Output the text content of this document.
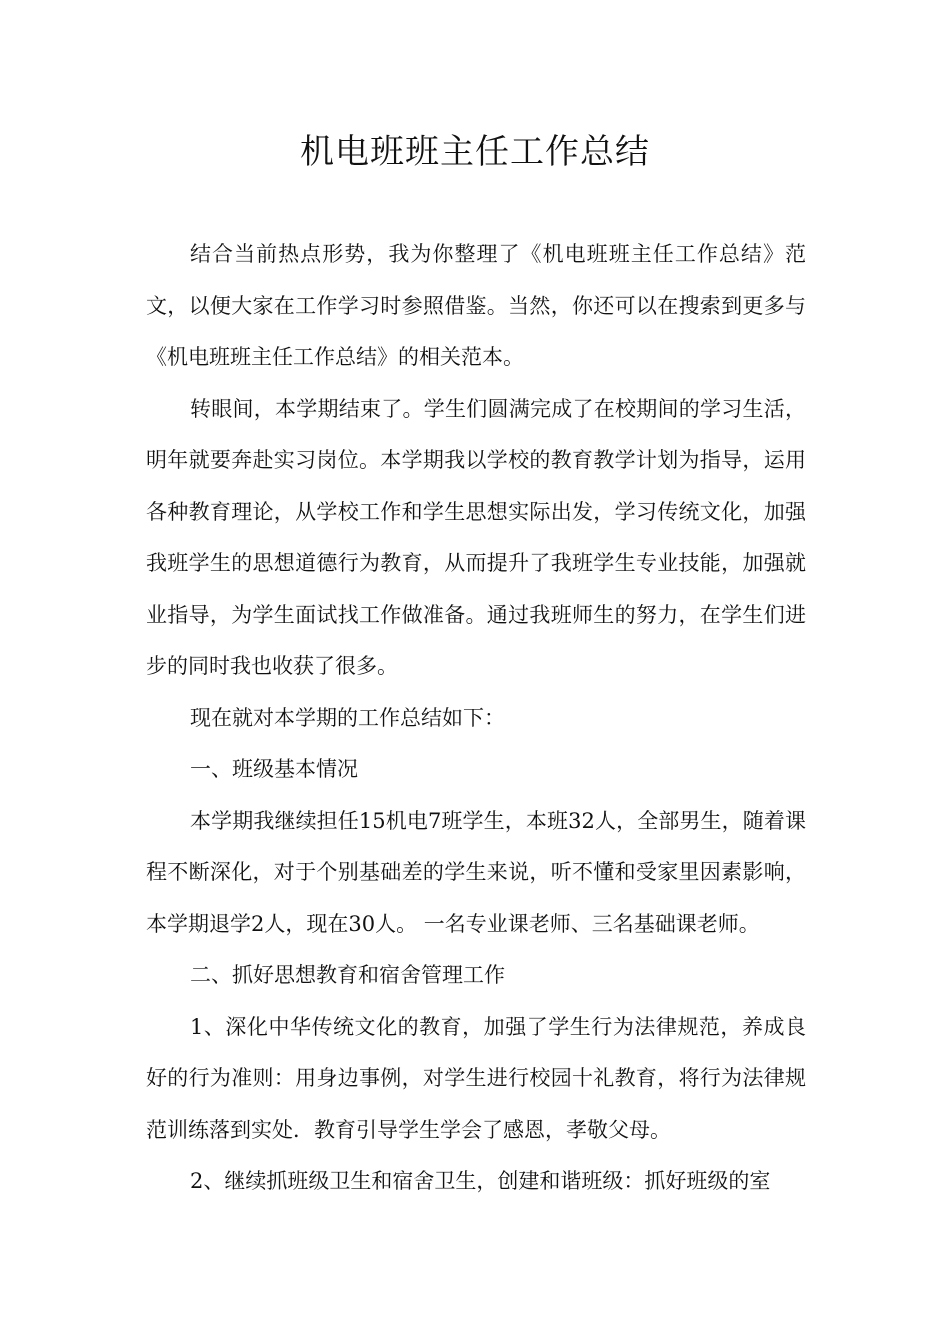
机电班班主任工作总结

结合当前热点形势，我为你整理了《机电班班主任工作总结》范文，以便大家在工作学习时参照借鉴。当然，你还可以在搜索到更多与《机电班班主任工作总结》的相关范本。

转眼间，本学期结束了。学生们圆满完成了在校期间的学习生活，明年就要奔赴实习岗位。本学期我以学校的教育教学计划为指导，运用各种教育理论，从学校工作和学生思想实际出发，学习传统文化，加强我班学生的思想道德行为教育，从而提升了我班学生专业技能，加强就业指导，为学生面试找工作做准备。通过我班师生的努力，在学生们进步的同时我也收获了很多。

现在就对本学期的工作总结如下：

一、班级基本情况

本学期我继续担任15机电7班学生，本班32人，全部男生，随着课程不断深化，对于个别基础差的学生来说，听不懂和受家里因素影响，本学期退学2人，现在30人。 一名专业课老师、三名基础课老师。

二、抓好思想教育和宿舍管理工作

1、深化中华传统文化的教育，加强了学生行为法律规范，养成良好的行为准则：用身边事例，对学生进行校园十礼教育，将行为法律规范训练落到实处．教育引导学生学会了感恩，孝敬父母。

2、继续抓班级卫生和宿舍卫生，创建和谐班级：抓好班级的室
